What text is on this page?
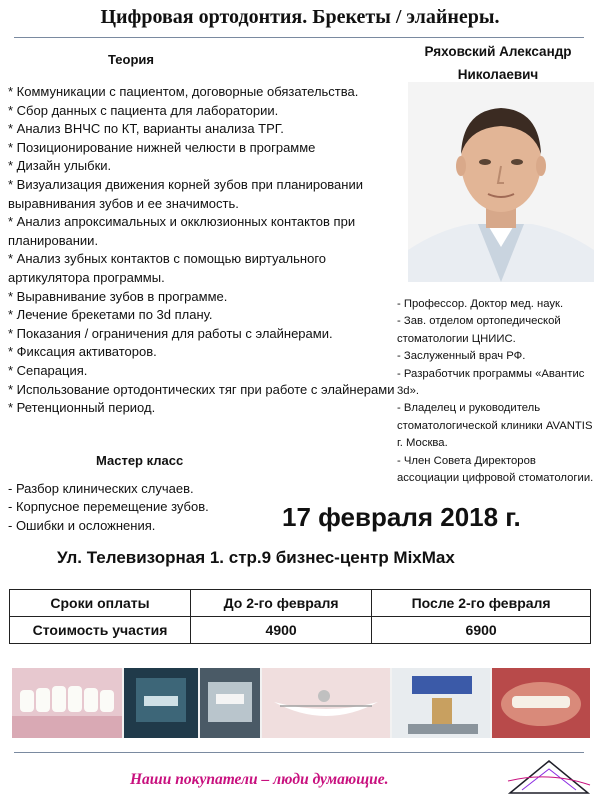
Цифровая ортодонтия. Брекеты / элайнеры.
Теория
* Коммуникации с пациентом, договорные обязательства.
* Сбор данных с пациента для лаборатории.
* Анализ ВНЧС по КТ, варианты анализа ТРГ.
* Позиционирование нижней челюсти в программе
* Дизайн улыбки.
* Визуализация движения корней зубов при планировании выравнивания зубов и ее значимость.
* Анализ апроксимальных и окклюзионных контактов при планировании.
* Анализ зубных контактов с помощью виртуального артикулятора программы.
* Выравнивание зубов в программе.
* Лечение брекетами по 3d плану.
* Показания / ограничения для работы с элайнерами.
* Фиксация активаторов.
* Сепарация.
* Использование ортодонтических тяг при работе с элайнерами
* Ретенционный период.
Ряховский Александр
Николаевич
- Профессор. Доктор мед. наук.
- Зав. отделом ортопедической стоматологии ЦНИИС.
- Заслуженный врач РФ.
- Разработчик программы «Авантис 3d».
- Владелец и руководитель стоматологической клиники AVANTIS г. Москва.
- Член Совета Директоров ассоциации цифровой стоматологии.
Мастер класс
- Разбор клинических случаев.
- Корпусное перемещение зубов.
- Ошибки и осложнения.	17 февраля 2018 г.
Ул. Телевизорная 1. стр.9 бизнес-центр MixMax
Сроки оплаты	До 2-го февраля	После 2-го февраля
Стоимость участия	4900	6900
Наши покупатели – люди думающие.
